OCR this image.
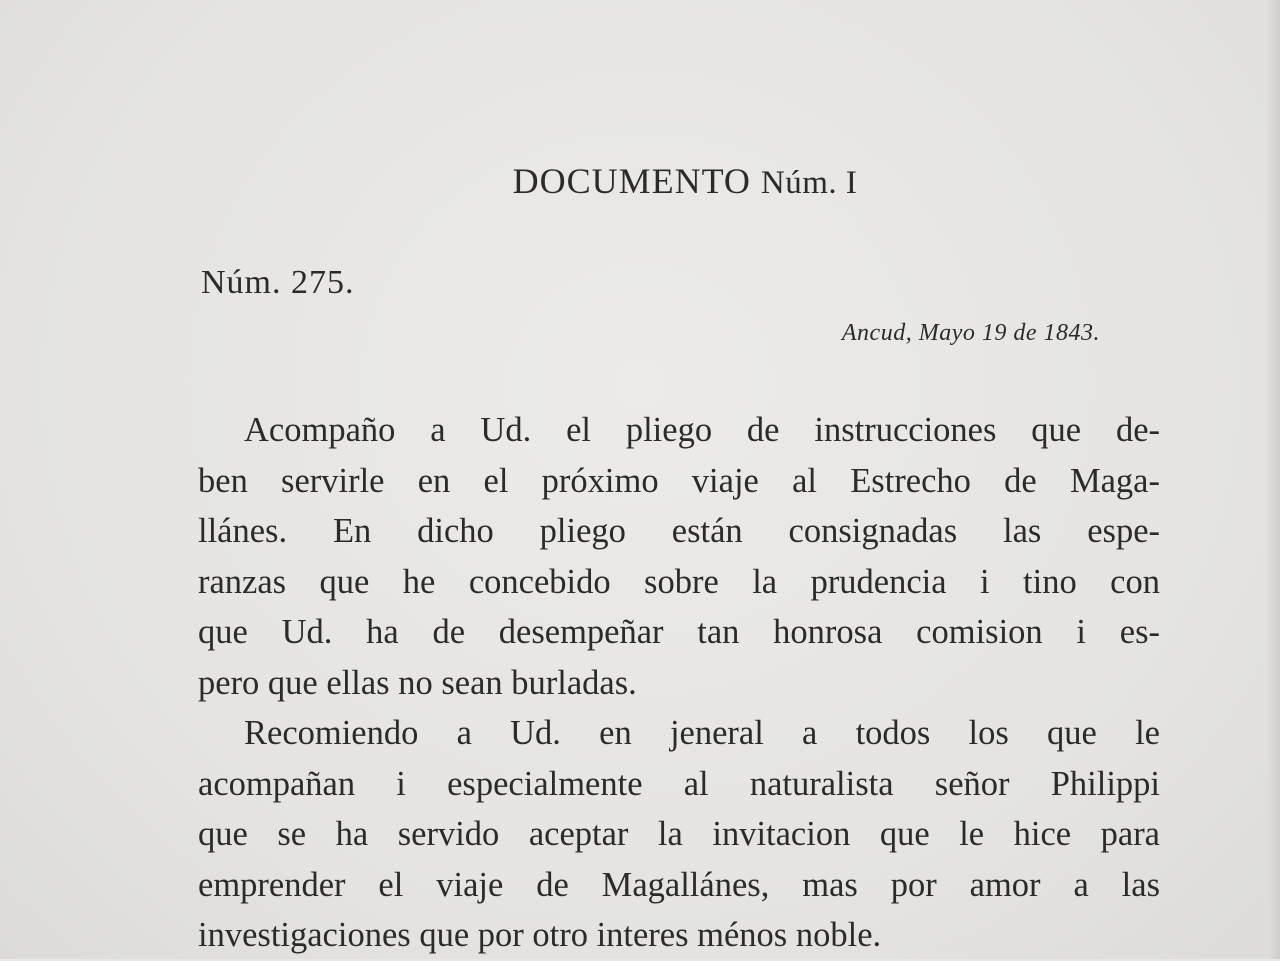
DOCUMENTO Núm. I
Núm. 275.
Ancud, Mayo 19 de 1843.
Acompaño a Ud. el pliego de instrucciones que de-
ben servirle en el próximo viaje al Estrecho de Maga-
llánes. En dicho pliego están consignadas las espe-
ranzas que he concebido sobre la prudencia i tino con
que Ud. ha de desempeñar tan honrosa comision i es-
pero que ellas no sean burladas.
Recomiendo a Ud. en jeneral a todos los que le
acompañan i especialmente al naturalista señor Philippi
que se ha servido aceptar la invitacion que le hice para
emprender el viaje de Magallánes, mas por amor a las
investigaciones que por otro interes ménos noble.
